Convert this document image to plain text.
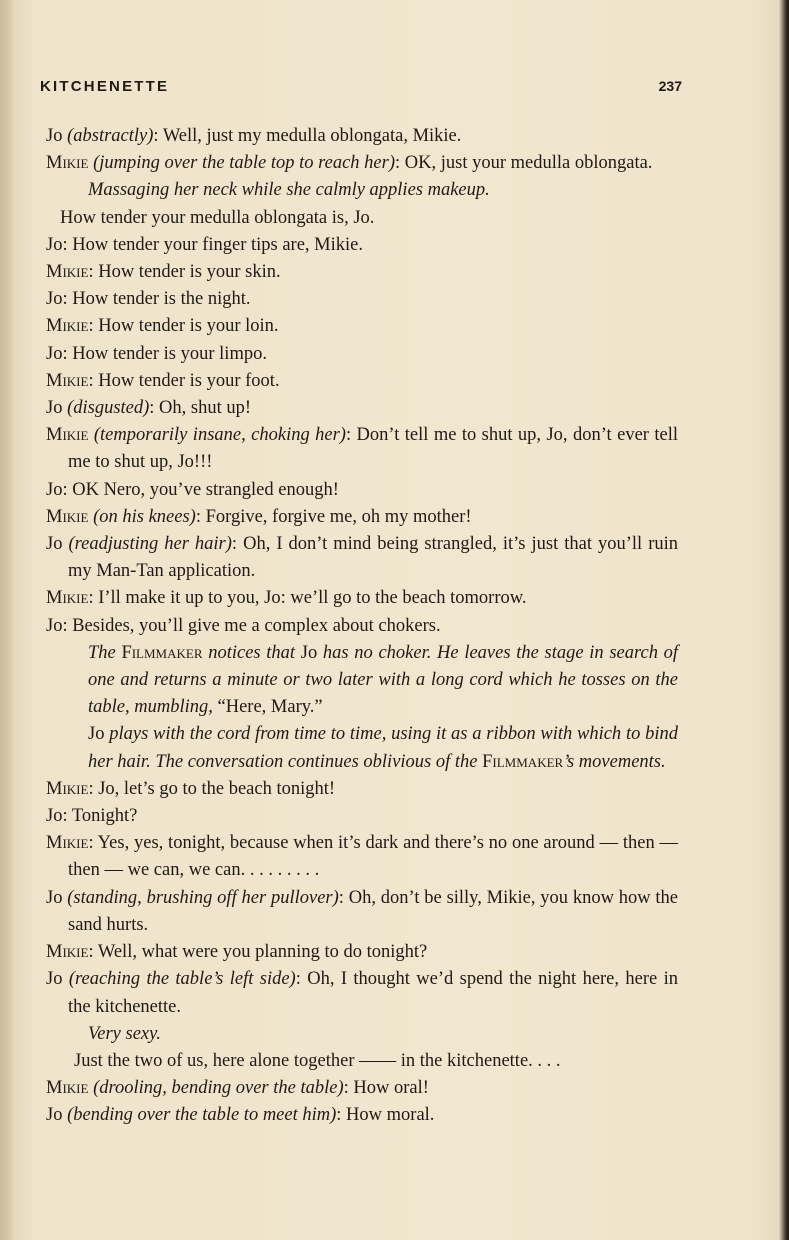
KITCHENETTE	237

Jo (abstractly): Well, just my medulla oblongata, Mikie.

Mikie (jumping over the table top to reach her): OK, just your medulla oblongata.

Massaging her neck while she calmly applies makeup.

How tender your medulla oblongata is, Jo.

Jo: How tender your finger tips are, Mikie.

Mikie: How tender is your skin.

Jo: How tender is the night.

Mikie: How tender is your loin.

Jo: How tender is your limpo.

Mikie: How tender is your foot.

Jo (disgusted): Oh, shut up!

Mikie (temporarily insane, choking her): Don’t tell me to shut up, Jo, don’t ever tell me to shut up, Jo!!!

Jo: OK Nero, you’ve strangled enough!

Mikie (on his knees): Forgive, forgive me, oh my mother!

Jo (readjusting her hair): Oh, I don’t mind being strangled, it’s just that you’ll ruin my Man-Tan application.

Mikie: I’ll make it up to you, Jo: we’ll go to the beach tomorrow.

Jo: Besides, you’ll give me a complex about chokers.

The Filmmaker notices that Jo has no choker. He leaves the stage in search of one and returns a minute or two later with a long cord which he tosses on the table, mumbling, “Here, Mary.”

Jo plays with the cord from time to time, using it as a ribbon with which to bind her hair. The conversation continues oblivious of the Filmmaker’s movements.

Mikie: Jo, let’s go to the beach tonight!

Jo: Tonight?

Mikie: Yes, yes, tonight, because when it’s dark and there’s no one around — then — then — we can, we can. . . . . . . . .

Jo (standing, brushing off her pullover): Oh, don’t be silly, Mikie, you know how the sand hurts.

Mikie: Well, what were you planning to do tonight?

Jo (reaching the table’s left side): Oh, I thought we’d spend the night here, here in the kitchenette.

Very sexy.

Just the two of us, here alone together —— in the kitchenette. . . .

Mikie (drooling, bending over the table): How oral!

Jo (bending over the table to meet him): How moral.
